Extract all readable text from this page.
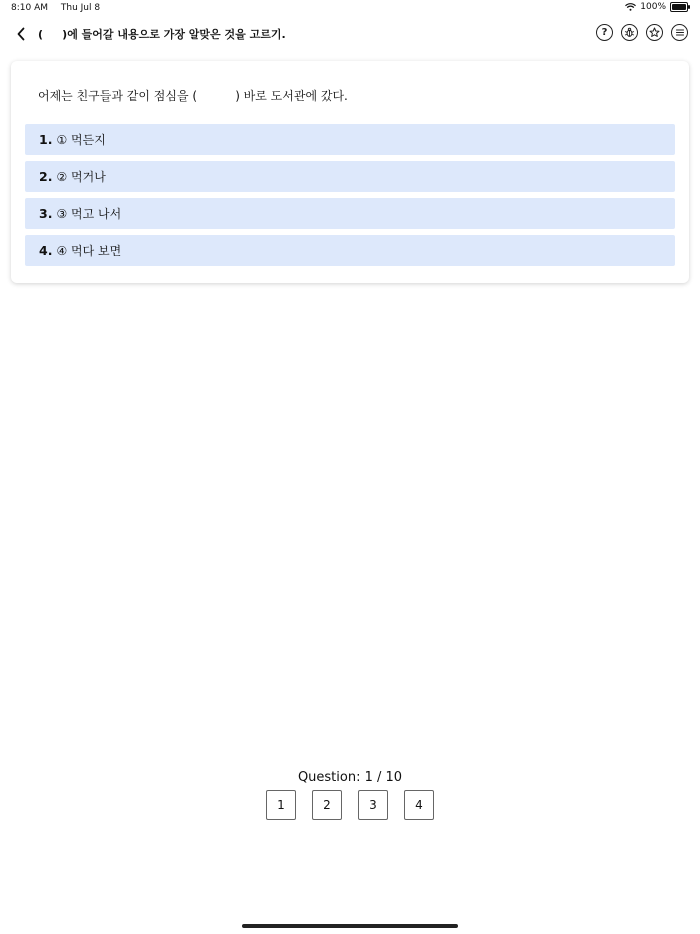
8:10 AM Thu Jul 8	100%
(     )에 들어갈 내용으로 가장 알맞은 것을 고르기.	?
어제는 친구들과 같이 점심을 (          ) 바로 도서관에 갔다.
1. ① 먹든지
2. ② 먹거나
3. ③ 먹고 나서
4. ④ 먹다 보면
Question: 1 / 10
1	2	3	4
